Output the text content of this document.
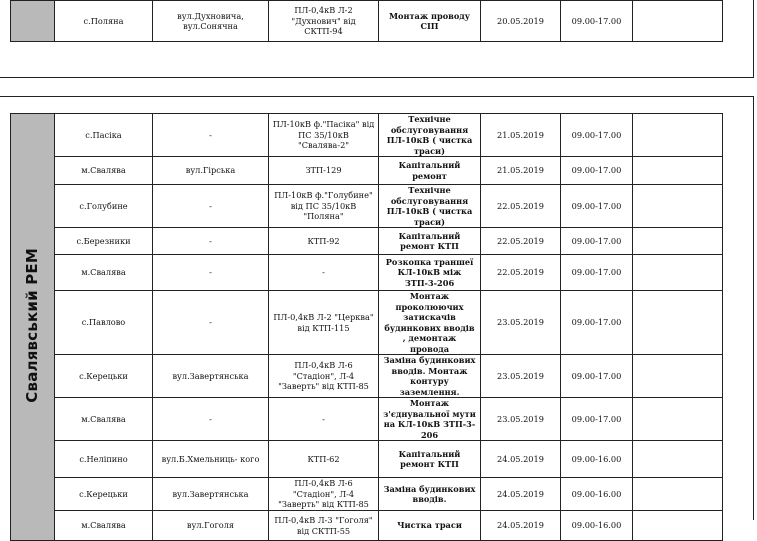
	с.Поляна	вул.Духновича, вул.Сонячна	ПЛ-0,4кВ Л-2 "Духнович" від СКТП-94	Монтаж проводу СІП	20.05.2019	09.00-17.00	
Свалявський РЕМ	с.Пасіка	-	ПЛ-10кВ ф."Пасіка" від ПС 35/10кВ "Свалява-2"	Технічне обслуговування ПЛ-10кВ ( чистка траси)	21.05.2019	09.00-17.00	
	м.Свалява	вул.Гірська	ЗТП-129	Капітальний ремонт	21.05.2019	09.00-17.00	
	с.Голубине	-	ПЛ-10кВ ф."Голубине" від ПС 35/10кВ "Поляна"	Технічне обслуговування ПЛ-10кВ ( чистка траси)	22.05.2019	09.00-17.00	
	с.Березники	-	КТП-92	Капітальний ремонт КТП	22.05.2019	09.00-17.00	
	м.Свалява	-	-	Розкопка траншеї КЛ-10кВ між ЗТП-3-206	22.05.2019	09.00-17.00	
	с.Павлово	-	ПЛ-0,4кВ Л-2 "Церква" від КТП-115	Монтаж проколюючих затискачів будинкових вводів , демонтаж провода	23.05.2019	09.00-17.00	
	с.Керецьки	вул.Завертянська	ПЛ-0,4кВ Л-6 "Стадіон", Л-4 "Заверть" від КТП-85	Заміна будинкових вводів. Монтаж контуру заземлення.	23.05.2019	09.00-17.00	
	м.Свалява	-	-	Монтаж з'єднувальної мути на КЛ-10кВ ЗТП-3-206	23.05.2019	09.00-17.00	
	с.Неліпино	вул.Б.Хмельниць- кого	КТП-62	Капітальний ремонт КТП	24.05.2019	09.00-16.00	
	с.Керецьки	вул.Завертянська	ПЛ-0,4кВ Л-6 "Стадіон", Л-4 "Заверть" від КТП-85	Заміна будинкових вводів.	24.05.2019	09.00-16.00	
	м.Свалява	вул.Гоголя	ПЛ-0,4кВ Л-3 "Гоголя" від СКТП-55	Чистка траси	24.05.2019	09.00-16.00	
